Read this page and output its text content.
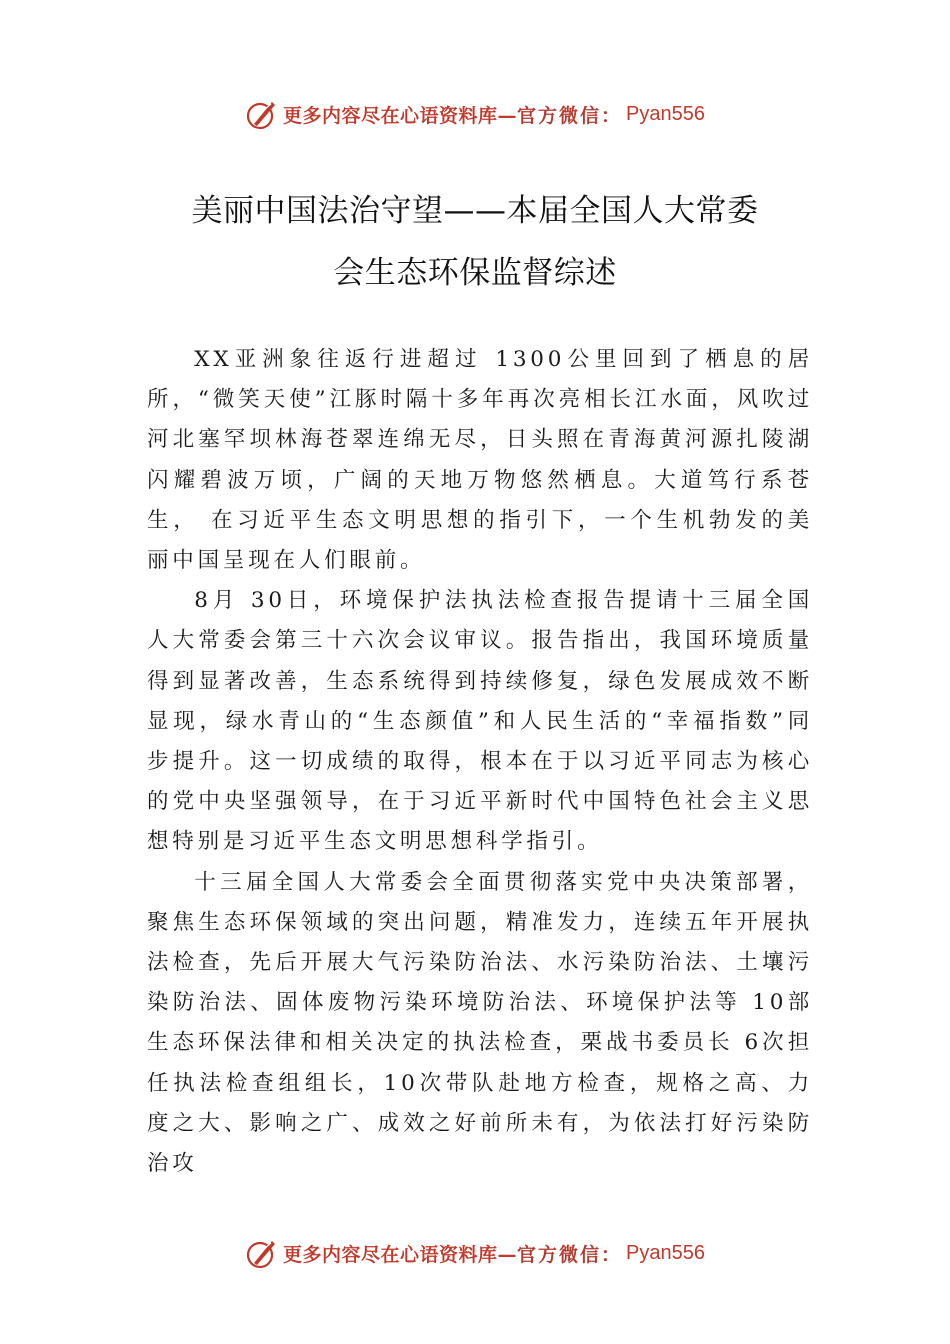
更多内容尽在心语资料库— 官方微信： Pyan556
美丽中国法治守望——本届全国人大常委
会生态环保监督综述

XX亚洲象往返行进超过 1300公里回到了栖息的居所，“微笑天使”江豚时隔十多年再次亮相长江水面，风吹过河北塞罕坝林海苍翠连绵无尽，日头照在青海黄河源扎陵湖闪耀碧波万顷，广阔的天地万物悠然栖息。大道笃行系苍生， 在习近平生态文明思想的指引下，一个生机勃发的美丽中国呈现在人们眼前。

8月 30日，环境保护法执法检查报告提请十三届全国人大常委会第三十六次会议审议。报告指出，我国环境质量得到显著改善，生态系统得到持续修复，绿色发展成效不断显现，绿水青山的“生态颜值”和人民生活的“幸福指数”同步提升。这一切成绩的取得，根本在于以习近平同志为核心的党中央坚强领导，在于习近平新时代中国特色社会主义思想特别是习近平生态文明思想科学指引。

十三届全国人大常委会全面贯彻落实党中央决策部署，聚焦生态环保领域的突出问题，精准发力，连续五年开展执法检查，先后开展大气污染防治法、水污染防治法、土壤污染防治法、固体废物污染环境防治法、环境保护法等 10部生态环保法律和相关决定的执法检查，栗战书委员长 6次担任执法检查组组长，10次带队赴地方检查，规格之高、力度之大、影响之广、成效之好前所未有，为依法打好污染防治攻

更多内容尽在心语资料库— 官方微信： Pyan556
